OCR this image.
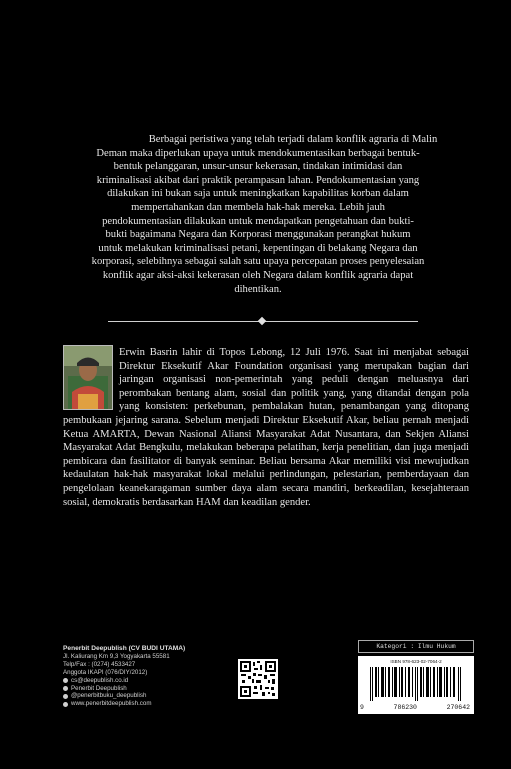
Berbagai peristiwa yang telah terjadi dalam konflik agraria di Malin
Deman maka diperlukan upaya untuk mendokumentasikan berbagai bentuk-
bentuk pelanggaran, unsur-unsur kekerasan, tindakan intimidasi dan
kriminalisasi akibat dari praktik perampasan lahan. Pendokumentasian yang
dilakukan ini bukan saja untuk meningkatkan kapabilitas korban dalam
mempertahankan dan membela hak-hak mereka. Lebih jauh
pendokumentasian dilakukan untuk mendapatkan pengetahuan dan bukti-
bukti bagaimana Negara dan Korporasi menggunakan perangkat hukum
untuk melakukan kriminalisasi petani, kepentingan di belakang Negara dan
korporasi, selebihnya sebagai salah satu upaya percepatan proses penyelesaian
konflik agar aksi-aksi kekerasan oleh Negara dalam konflik agraria dapat
dihentikan.
Erwin Basrin lahir di Topos Lebong, 12 Juli 1976. Saat ini menjabat sebagai Direktur Eksekutif Akar Foundation organisasi yang merupakan bagian dari jaringan organisasi non-pemerintah yang peduli dengan meluasnya dari perombakan bentang alam, sosial dan politik yang, yang ditandai dengan pola yang konsisten: perkebunan, pembalakan hutan, penambangan yang ditopang pembukaan jejaring sarana. Sebelum menjadi Direktur Eksekutif Akar, beliau pernah menjadi Ketua AMARTA, Dewan Nasional Aliansi Masyarakat Adat Nusantara, dan Sekjen Aliansi Masyarakat Adat Bengkulu, melakukan beberapa pelatihan, kerja penelitian, dan juga menjadi pembicara dan fasilitator di banyak seminar. Beliau bersama Akar memiliki visi mewujudkan kedaulatan hak-hak masyarakat lokal melalui perlindungan, pelestarian, pemberdayaan dan pengelolaan keanekaragaman sumber daya alam secara mandiri, berkeadilan, kesejahteraan sosial, demokratis berdasarkan HAM dan keadilan gender.
Penerbit Deepublish (CV BUDI UTAMA)
Jl. Kaliurang Km 9,3 Yogyakarta 55581
Telp/Fax : (0274) 4533427
Anggota IKAPI (076/DIY/2012)
cs@deepublish.co.id
Penerbit Deepublish
@penerbitbuku_deepublish
www.penerbitdeepublish.com
Kategori : Ilmu Hukum
ISBN 978-623-02-7064-2
9	786230	270642
